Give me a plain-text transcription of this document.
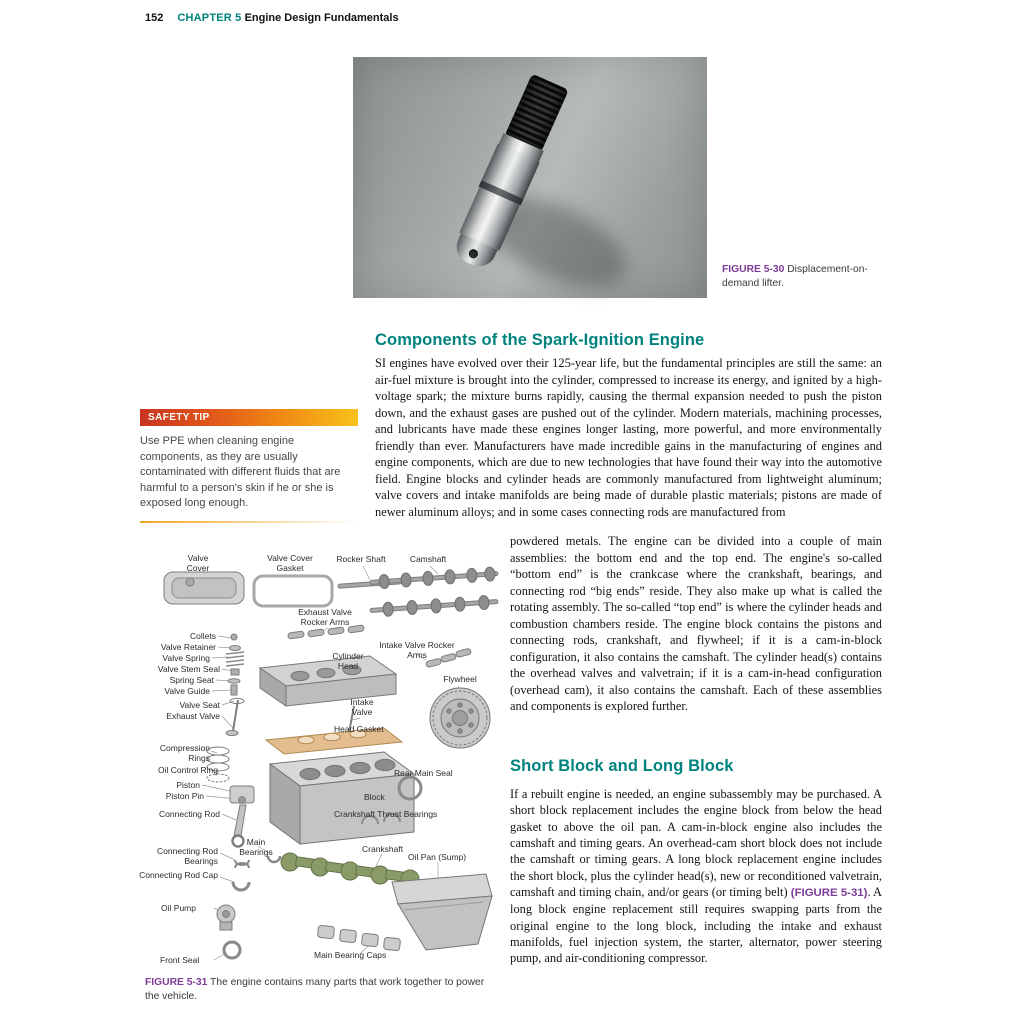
152 CHAPTER 5 Engine Design Fundamentals
FIGURE 5-30 Displacement-on-demand lifter.
SAFETY TIP
Use PPE when cleaning engine components, as they are usually contaminated with different fluids that are harmful to a person's skin if he or she is exposed long enough.
Components of the Spark-Ignition Engine
SI engines have evolved over their 125-year life, but the fundamental principles are still the same: an air-fuel mixture is brought into the cylinder, compressed to increase its energy, and ignited by a high-voltage spark; the mixture burns rapidly, causing the thermal expansion needed to push the piston down, and the exhaust gases are pushed out of the cylinder. Modern materials, machining processes, and lubricants have made these engines longer lasting, more powerful, and more environmentally friendly than ever. Manufacturers have made incredible gains in the manufacturing of engines and engine components, which are due to new technologies that have found their way into the automotive field. Engine blocks and cylinder heads are commonly manufactured from lightweight aluminum; valve covers and intake manifolds are being made of durable plastic materials; pistons are made of newer aluminum alloys; and in some cases connecting rods are manufactured from
powdered metals. The engine can be divided into a couple of main assemblies: the bottom end and the top end. The engine's so-called “bottom end” is the crankcase where the crankshaft, bearings, and connecting rod “big ends” reside. They also make up what is called the rotating assembly. The so-called “top end” is where the cylinder heads and combustion chambers reside. The engine block contains the pistons and connecting rods, crankshaft, and flywheel; if it is a cam-in-block configuration, it also contains the camshaft. The cylinder head(s) contains the overhead valves and valvetrain; if it is a cam-in-head configuration (overhead cam), it also contains the camshaft. Each of these assemblies and components is explored further.
Short Block and Long Block
If a rebuilt engine is needed, an engine subassembly may be purchased. A short block replacement includes the engine block from below the head gasket to above the oil pan. A cam-in-block engine also includes the camshaft and timing gears. An overhead-cam short block does not include the camshaft or timing gears. A long block replacement engine includes the short block, plus the cylinder head(s), new or reconditioned valvetrain, camshaft and timing chain, and/or gears (or timing belt) (FIGURE 5-31). A long block engine replacement still requires swapping parts from the original engine to the long block, including the intake and exhaust manifolds, fuel injection system, the starter, alternator, power steering pump, and air-conditioning compressor.
Valve Cover
Valve Cover Gasket
Rocker Shaft	Camshaft
Exhaust Valve Rocker Arms
Collets
Valve Retainer
Valve Spring
Valve Stem Seal
Spring Seat
Valve Guide
Valve Seat
Exhaust Valve
Intake Valve Rocker Arms
Cylinder Head
Flywheel
Intake Valve
Head Gasket
Compression Rings
Oil Control Ring
Piston
Piston Pin
Connecting Rod
Rear Main Seal
Block
Crankshaft Thrust Bearings
Main Bearings	Crankshaft
Connecting Rod Bearings
Connecting Rod Cap
Oil Pan (Sump)
Oil Pump
Main Bearing Caps
Front Seal
FIGURE 5-31 The engine contains many parts that work together to power the vehicle.
